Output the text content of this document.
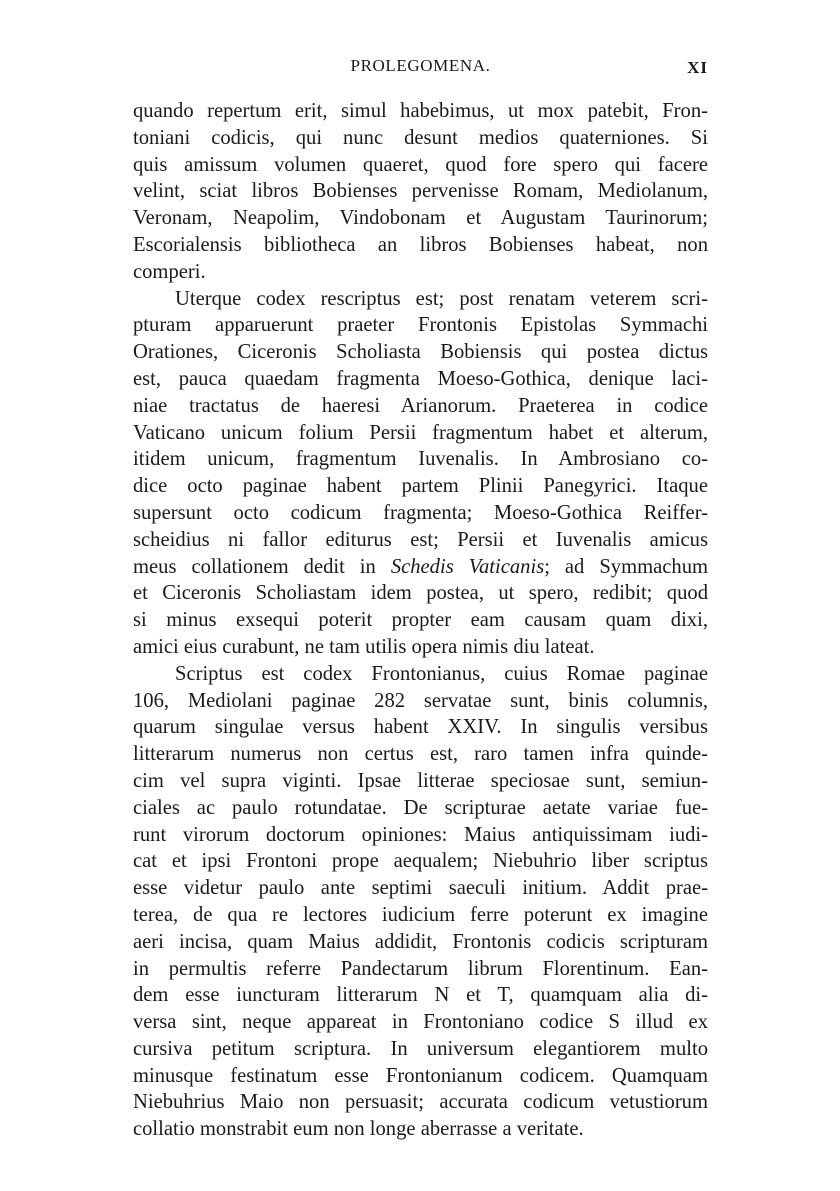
PROLEGOMENA.	XI
quando repertum erit, simul habebimus, ut mox patebit, Fron-
toniani codicis, qui nunc desunt medios quaterniones. Si
quis amissum volumen quaeret, quod fore spero qui facere
velint, sciat libros Bobienses pervenisse Romam, Mediolanum,
Veronam, Neapolim, Vindobonam et Augustam Taurinorum;
Escorialensis bibliotheca an libros Bobienses habeat, non
comperi.
Uterque codex rescriptus est; post renatam veterem scri-
pturam apparuerunt praeter Frontonis Epistolas Symmachi
Orationes, Ciceronis Scholiasta Bobiensis qui postea dictus
est, pauca quaedam fragmenta Moeso-Gothica, denique laci-
niae tractatus de haeresi Arianorum. Praeterea in codice
Vaticano unicum folium Persii fragmentum habet et alterum,
itidem unicum, fragmentum Iuvenalis. In Ambrosiano co-
dice octo paginae habent partem Plinii Panegyrici. Itaque
supersunt octo codicum fragmenta; Moeso-Gothica Reiffer-
scheidius ni fallor editurus est; Persii et Iuvenalis amicus
meus collationem dedit in Schedis Vaticanis; ad Symmachum
et Ciceronis Scholiastam idem postea, ut spero, redibit; quod
si minus exsequi poterit propter eam causam quam dixi,
amici eius curabunt, ne tam utilis opera nimis diu lateat.
Scriptus est codex Frontonianus, cuius Romae paginae
106, Mediolani paginae 282 servatae sunt, binis columnis,
quarum singulae versus habent XXIV. In singulis versibus
litterarum numerus non certus est, raro tamen infra quinde-
cim vel supra viginti. Ipsae litterae speciosae sunt, semiun-
ciales ac paulo rotundatae. De scripturae aetate variae fue-
runt virorum doctorum opiniones: Maius antiquissimam iudi-
cat et ipsi Frontoni prope aequalem; Niebuhrio liber scriptus
esse videtur paulo ante septimi saeculi initium. Addit prae-
terea, de qua re lectores iudicium ferre poterunt ex imagine
aeri incisa, quam Maius addidit, Frontonis codicis scripturam
in permultis referre Pandectarum librum Florentinum. Ean-
dem esse iuncturam litterarum N et T, quamquam alia di-
versa sint, neque appareat in Frontoniano codice S illud ex
cursiva petitum scriptura. In universum elegantiorem multo
minusque festinatum esse Frontonianum codicem. Quamquam
Niebuhrius Maio non persuasit; accurata codicum vetustiorum
collatio monstrabit eum non longe aberrasse a veritate.
